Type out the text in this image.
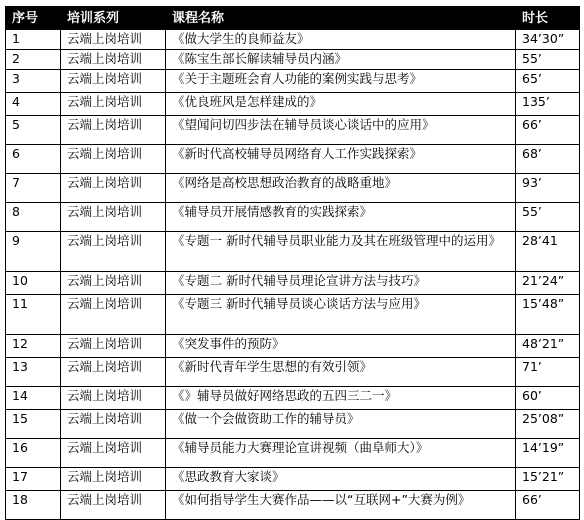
序号	培训系列	课程名称	时长
1	云端上岗培训	《做大学生的良师益友》	34’30”
2	云端上岗培训	《陈宝生部长解读辅导员内涵》	55’
3	云端上岗培训	《关于主题班会育人功能的案例实践与思考》	65’
4	云端上岗培训	《优良班风是怎样建成的》	135’
5	云端上岗培训	《望闻问切四步法在辅导员谈心谈话中的应用》	66’
6	云端上岗培训	《新时代高校辅导员网络育人工作实践探索》	68’
7	云端上岗培训	《网络是高校思想政治教育的战略重地》	93’
8	云端上岗培训	《辅导员开展情感教育的实践探索》	55’
9	云端上岗培训	《专题一 新时代辅导员职业能力及其在班级管理中的运用》	28’41
10	云端上岗培训	《专题二 新时代辅导员理论宣讲方法与技巧》	21’24”
11	云端上岗培训	《专题三 新时代辅导员谈心谈话方法与应用》	15’48”
12	云端上岗培训	《突发事件的预防》	48’21”
13	云端上岗培训	《新时代青年学生思想的有效引领》	71’
14	云端上岗培训	《》辅导员做好网络思政的五四三二一》	60’
15	云端上岗培训	《做一个会做资助工作的辅导员》	25’08”
16	云端上岗培训	《辅导员能力大赛理论宣讲视频（曲阜师大）》	14’19”
17	云端上岗培训	《思政教育大家谈》	15’21”
18	云端上岗培训	《如何指导学生大赛作品——以“互联网+”大赛为例》	66’
